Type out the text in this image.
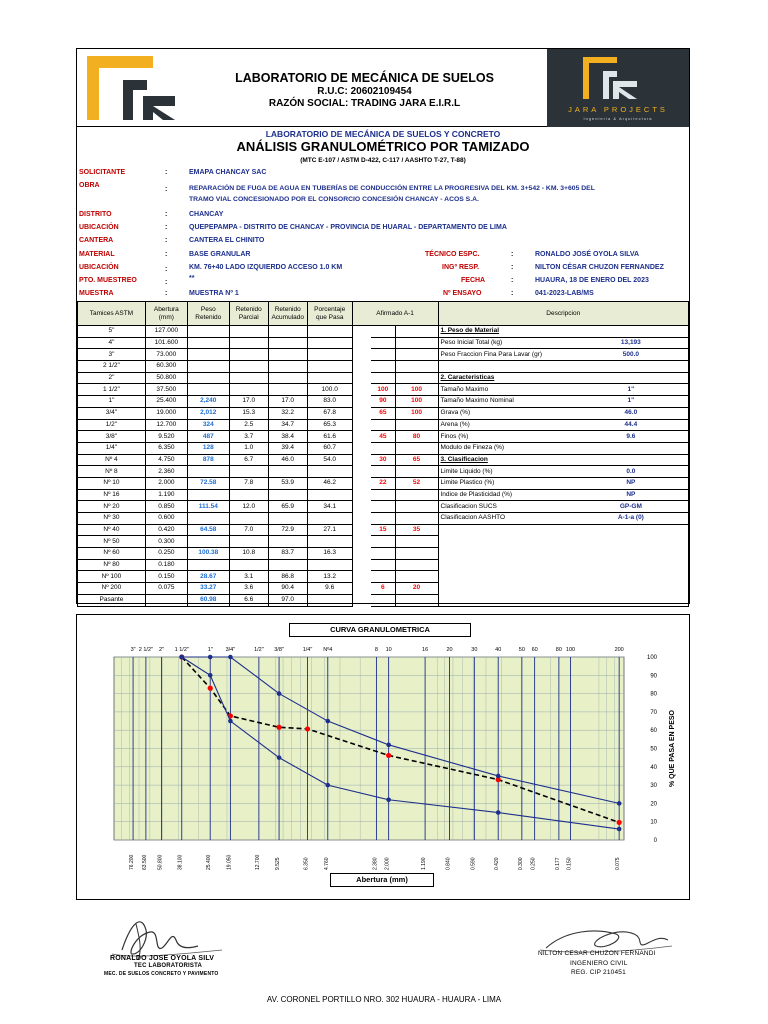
LABORATORIO DE MECÁNICA DE SUELOS
R.U.C: 20602109454
RAZÓN SOCIAL: TRADING JARA E.I.R.L
JARA PROJECTS
Ingeniería & Arquitectura
LABORATORIO DE MECÁNICA DE SUELOS Y CONCRETO
ANÁLISIS GRANULOMÉTRICO POR TAMIZADO
(MTC E-107 / ASTM D-422, C-117 / AASHTO T-27, T-88)
SOLICITANTE	:	EMAPA CHANCAY SAC
OBRA
:	REPARACIÓN DE FUGA DE AGUA EN TUBERÍAS DE CONDUCCIÓN ENTRE LA PROGRESIVA DEL KM. 3+542 - KM. 3+605 DEL
TRAMO VIAL CONCESIONADO POR EL CONSORCIO CONCESIÓN CHANCAY - ACOS S.A.
DISTRITO	:	CHANCAY
UBICACIÓN	:	QUEPEPAMPA - DISTRITO DE CHANCAY - PROVINCIA DE HUARAL - DEPARTAMENTO DE LIMA
CANTERA	:	CANTERA EL CHINITO
MATERIAL	:	BASE GRANULAR
UBICACIÓN	:	KM. 76+40 LADO IZQUIERDO ACCESO 1.0 KM
PTO. MUESTREO	:
**
MUESTRA	:	MUESTRA Nº 1
TÉCNICO ESPC.	:	RONALDO JOSÉ OYOLA SILVA
INGº RESP.	:	NILTON CÉSAR CHUZON FERNANDEZ
FECHA	:	HUAURA, 18 DE ENERO DEL 2023
Nº ENSAYO	:	041-2023-LAB/MS
Tamices ASTM	Abertura (mm)	Peso Retenido	Retenido Parcial	Retenido Acumulado	Porcentaje que Pasa	Afirmado A-1			Descripcion	
5"	127.000								1. Peso de Material	
4"	101.600								Peso Inicial Total (kg)	13,193
3"	73.000								Peso Fraccion Fina Para Lavar (gr)	500.0
2 1/2"	60.300									
2"	50.800								2. Caracteristicas	
1 1/2"	37.500				100.0		100	100	Tamaño Maximo	1"
1"	25.400	2,240	17.0	17.0	83.0		90	100	Tamaño Maximo Nominal	1"
3/4"	19.000	2,012	15.3	32.2	67.8		65	100	Grava (%)	46.0
1/2"	12.700	324	2.5	34.7	65.3				Arena (%)	44.4
3/8"	9.520	487	3.7	38.4	61.6		45	80	Finos (%)	9.6
1/4"	6.350	128	1.0	39.4	60.7				Modulo de Fineza (%)	
Nº 4	4.750	878	6.7	46.0	54.0		30	65	3. Clasificacion	
Nº 8	2.360								Limite Liquido (%)	0.0
Nº 10	2.000	72.58	7.8	53.9	46.2		22	52	Limite Plastico (%)	NP
Nº 16	1.190								Indice de Plasticidad (%)	NP
Nº 20	0.850	111.54	12.0	65.9	34.1				Clasificacion SUCS	GP-GM
Nº 30	0.600								Clasificacion AASHTO	A-1-a (0)
Nº 40	0.420	64.58	7.0	72.9	27.1		15	35		
Nº 50	0.300									
Nº 60	0.250	100.38	10.8	83.7	16.3					
Nº 80	0.180									
Nº 100	0.150	28.67	3.1	86.8	13.2					
Nº 200	0.075	33.27	3.6	90.4	9.6		6	20		
Pasante		60.98	6.6	97.0						
CURVA GRANULOMETRICA
0
10
20
30
40
50
60
70
80
90
100
3"
76.200
2 1/2"
63.500
2"
50.800
1 1/2"
38.100
1"
25.400
3/4"
19.050
1/2"
12.700
3/8"
9.525
1/4"
6.350
Nº4
4.760
8
2.380
10
2.000
16
1.190
20
0.840
30
0.590
40
0.420
50
0.300
60
0.250
80
0.177
100
0.150
200
0.075
% QUE PASA EN PESO
Abertura (mm)
RONALDO JOSE OYOLA SILV
TEC LABORATORISTA
MEC. DE SUELOS CONCRETO Y PAVIMENTO
NILTON CESAR CHUZON FERNANDI
INGENIERO CIVIL
REG. CIP 210451
AV. CORONEL PORTILLO NRO. 302 HUAURA - HUAURA - LIMA
